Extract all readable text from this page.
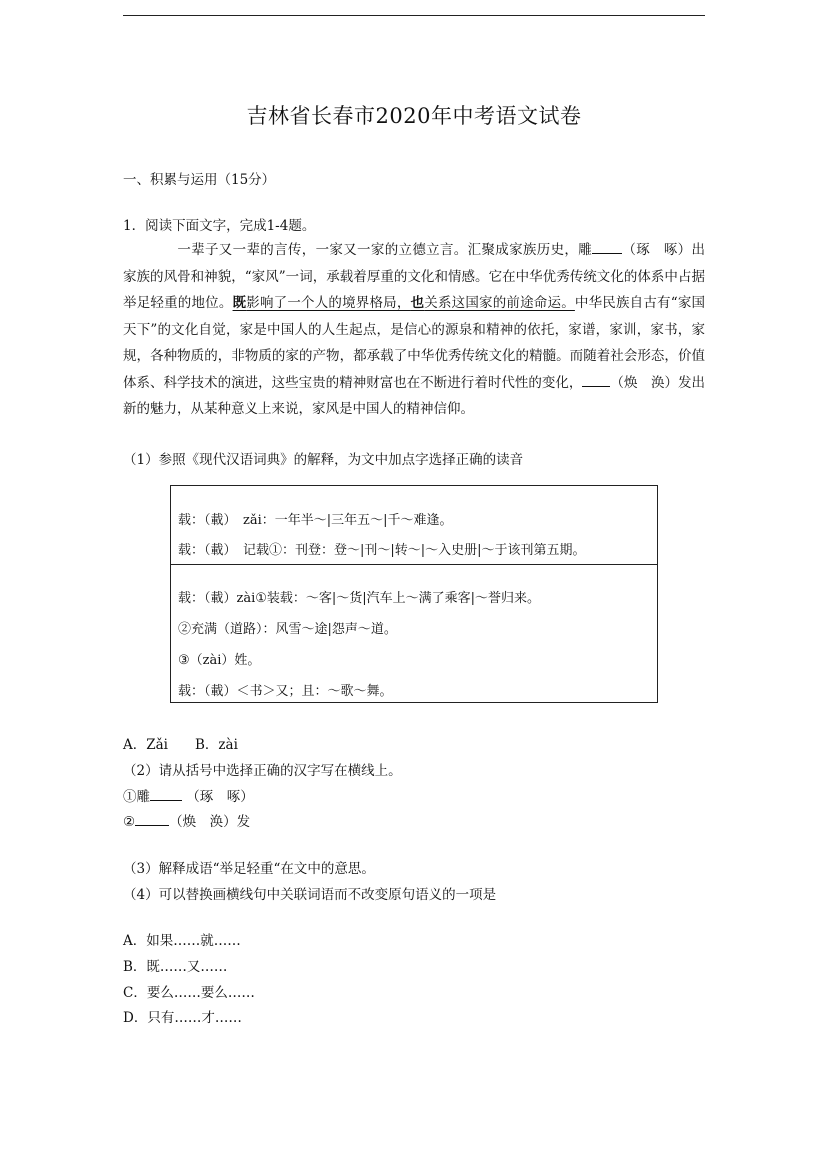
吉林省长春市2020年中考语文试卷
一、积累与运用（15分）
1．阅读下面文字，完成1-4题。

一辈子又一辈的言传，一家又一家的立德立言。汇聚成家族历史，雕 （琢　啄）出家族的风骨和神貌，“家风”一词，承载着厚重的文化和情感。它在中华优秀传统文化的体系中占据举足轻重的地位。既影响了一个人的境界格局，也关系这国家的前途命运。中华民族自古有“家国天下”的文化自觉，家是中国人的人生起点，是信心的源泉和精神的依托，家谱，家训，家书，家规，各种物质的，非物质的家的产物，都承载了中华优秀传统文化的精髓。而随着社会形态，价值体系、科学技术的演进，这些宝贵的精神财富也在不断进行着时代性的变化， （焕　涣）发出新的魅力，从某种意义上来说，家风是中国人的精神信仰。

（1）参照《现代汉语词典》的解释，为文中加点字选择正确的读音
载：（載）　zǎi：一年半～|三年五～|千～难逢。
载：（載）　记载①：刊登：登～|刊～|转～|～入史册|～于该刊第五期。
载：（載）zài①装载：～客|～货|汽车上～满了乘客|～誉归来。
②充满（道路）：风雪～途|怨声～道。
③（zài）姓。
载：（載）＜书＞又；且：～歌～舞。
A．Zǎi　　B．zài
（2）请从括号中选择正确的汉字写在横线上。
①雕	（琢　啄）
②	（焕　涣）发
（3）解释成语“举足轻重“在文中的意思。
（4）可以替换画横线句中关联词语而不改变原句语义的一项是
A．如果……就……
B．既……又……
C．要么……要么……
D．只有……才……
